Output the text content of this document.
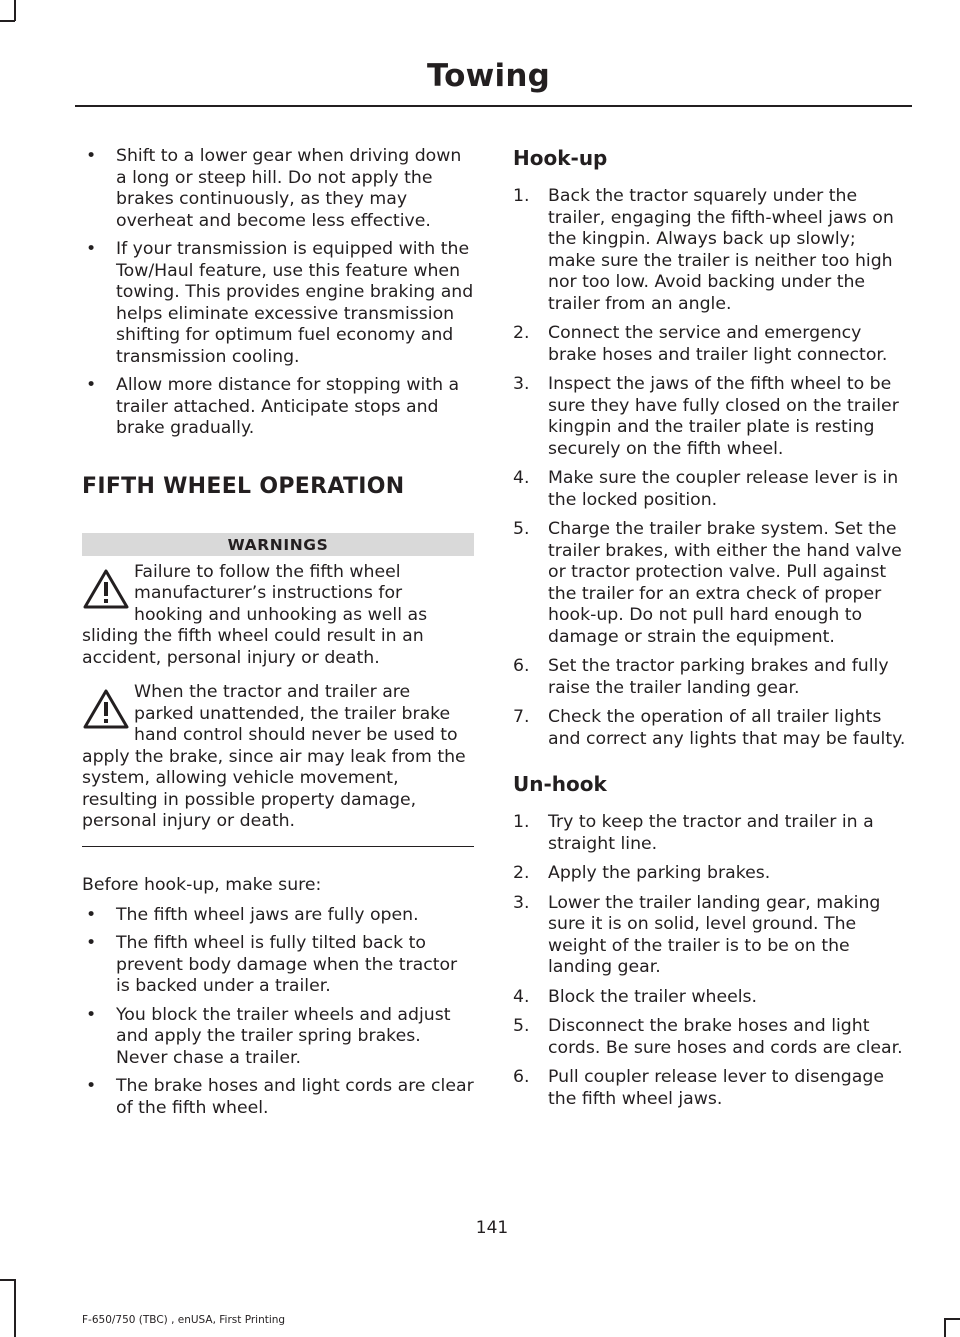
Towing
• Shift to a lower gear when driving down a long or steep hill. Do not apply the brakes continuously, as they may overheat and become less effective.
• If your transmission is equipped with the Tow/Haul feature, use this feature when towing. This provides engine braking and helps eliminate excessive transmission shifting for optimum fuel economy and transmission cooling.
• Allow more distance for stopping with a trailer attached. Anticipate stops and brake gradually.
FIFTH WHEEL OPERATION
WARNINGS
Failure to follow the fifth wheel manufacturer’s instructions for hooking and unhooking as well as sliding the fifth wheel could result in an accident, personal injury or death.
When the tractor and trailer are parked unattended, the trailer brake hand control should never be used to apply the brake, since air may leak from the system, allowing vehicle movement, resulting in possible property damage, personal injury or death.
Before hook-up, make sure:
• The fifth wheel jaws are fully open.
• The fifth wheel is fully tilted back to prevent body damage when the tractor is backed under a trailer.
• You block the trailer wheels and adjust and apply the trailer spring brakes. Never chase a trailer.
• The brake hoses and light cords are clear of the fifth wheel.
Hook-up
1. Back the tractor squarely under the trailer, engaging the fifth-wheel jaws on the kingpin. Always back up slowly; make sure the trailer is neither too high nor too low. Avoid backing under the trailer from an angle.
2. Connect the service and emergency brake hoses and trailer light connector.
3. Inspect the jaws of the fifth wheel to be sure they have fully closed on the trailer kingpin and the trailer plate is resting securely on the fifth wheel.
4. Make sure the coupler release lever is in the locked position.
5. Charge the trailer brake system. Set the trailer brakes, with either the hand valve or tractor protection valve. Pull against the trailer for an extra check of proper hook-up. Do not pull hard enough to damage or strain the equipment.
6. Set the tractor parking brakes and fully raise the trailer landing gear.
7. Check the operation of all trailer lights and correct any lights that may be faulty.
Un-hook
1. Try to keep the tractor and trailer in a straight line.
2. Apply the parking brakes.
3. Lower the trailer landing gear, making sure it is on solid, level ground. The weight of the trailer is to be on the landing gear.
4. Block the trailer wheels.
5. Disconnect the brake hoses and light cords. Be sure hoses and cords are clear.
6. Pull coupler release lever to disengage the fifth wheel jaws.
141
F-650/750 (TBC) , enUSA, First Printing
